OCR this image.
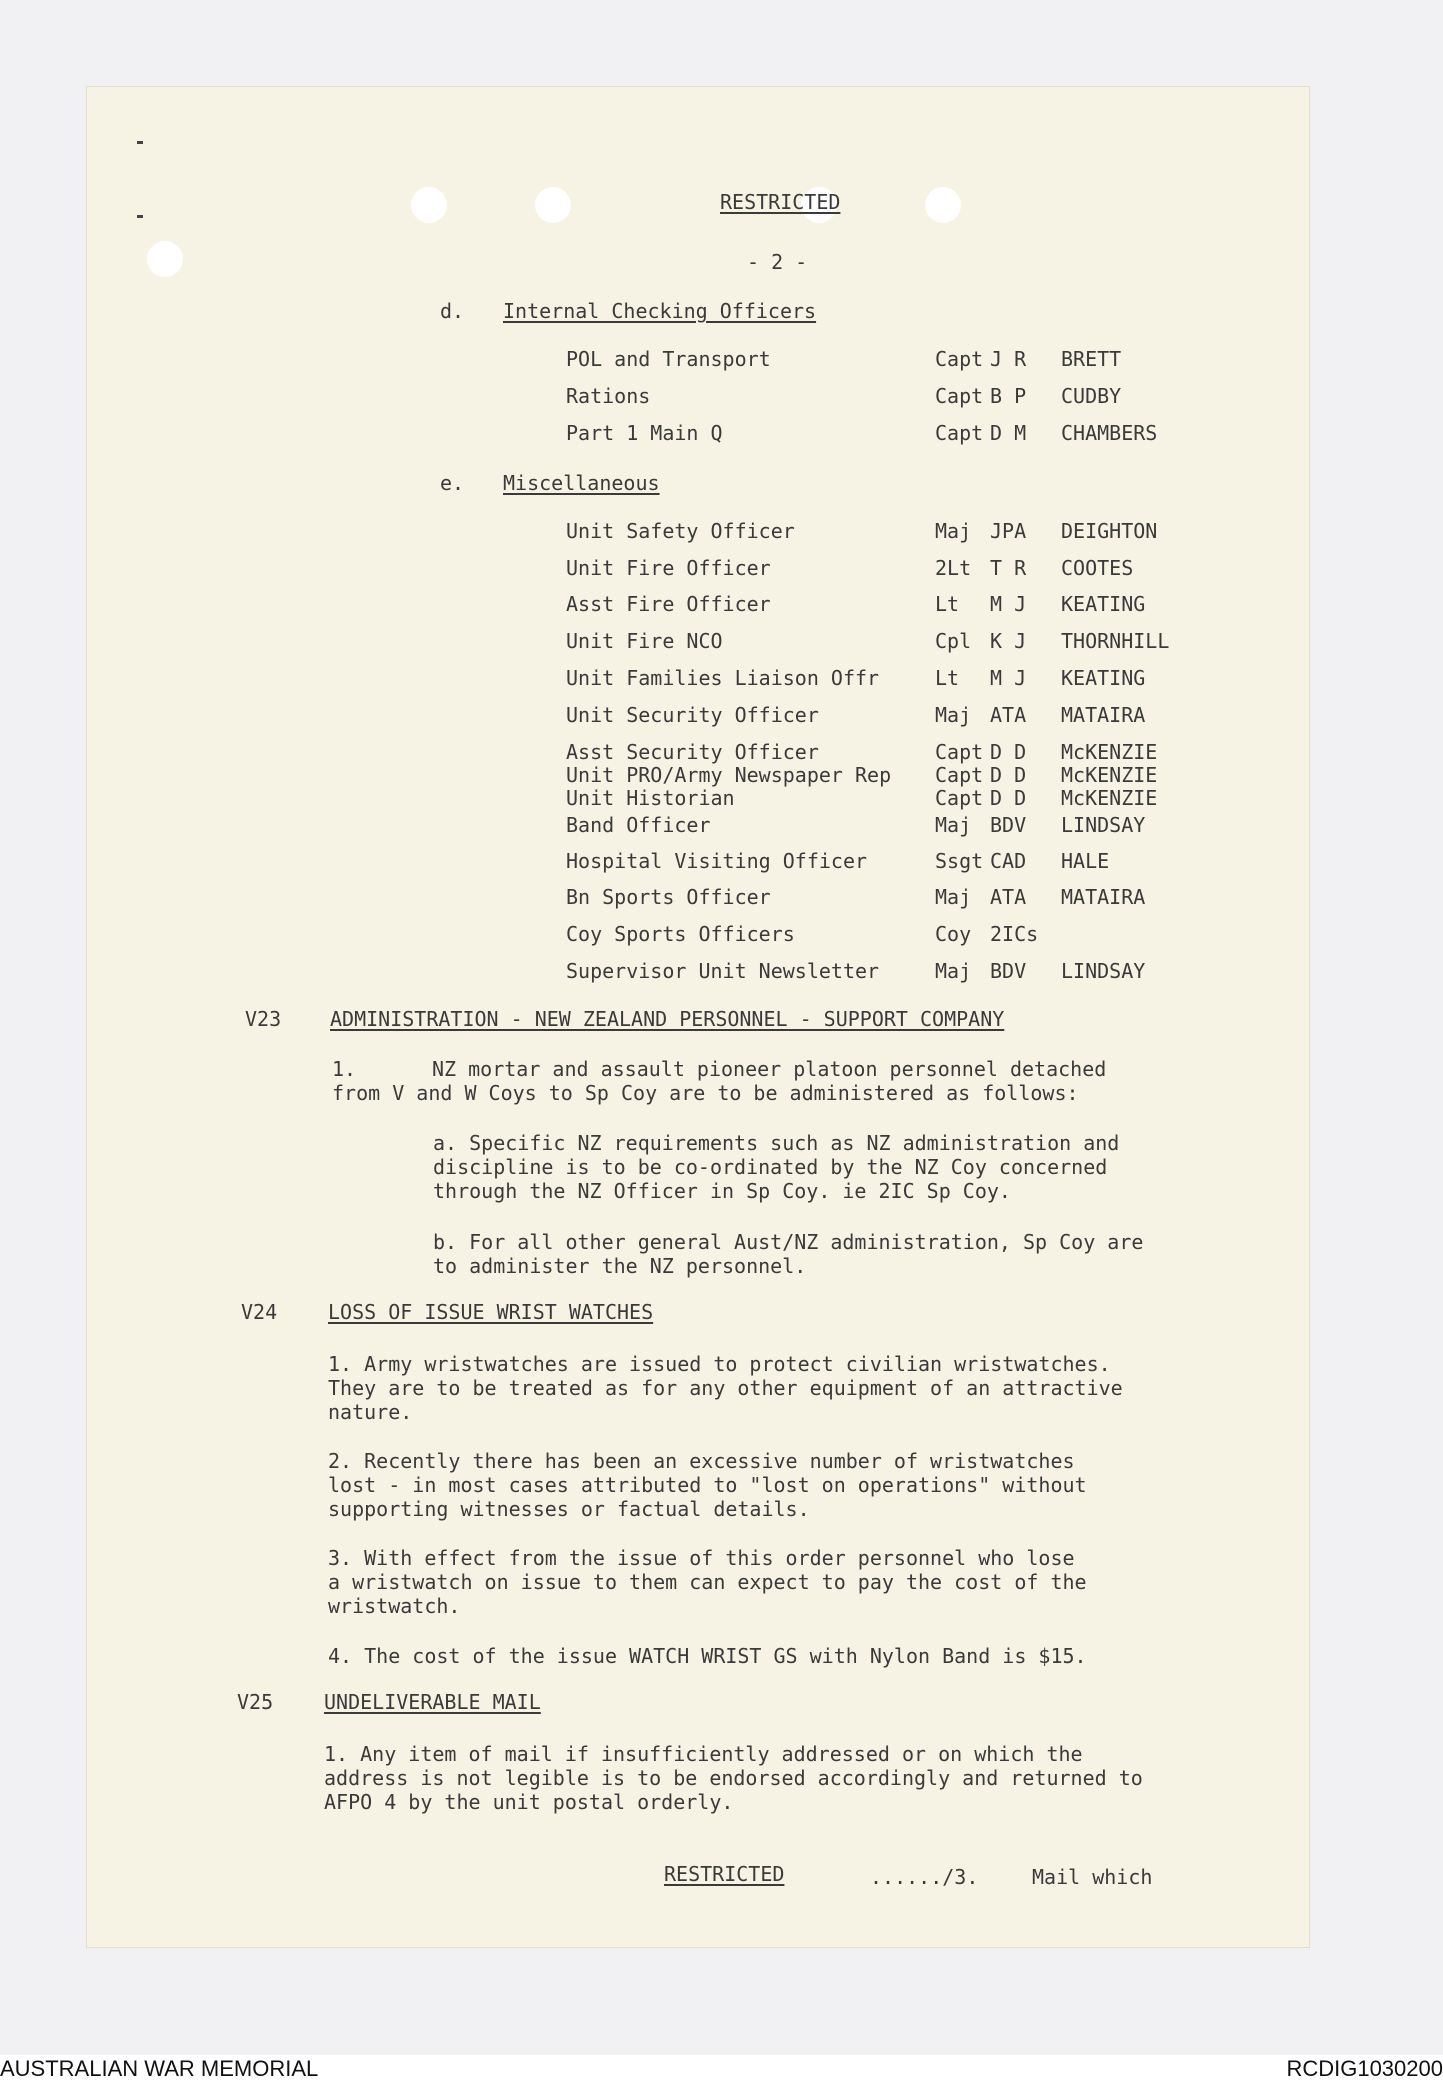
RESTRICTED
- 2 -
d. Internal Checking Officers
POL and Transport	Capt J R BRETT
Rations	Capt B P CUDBY
Part 1 Main Q	Capt D M CHAMBERS
e. Miscellaneous
Unit Safety Officer	Maj JPA DEIGHTON
Unit Fire Officer	2Lt T R COOTES
Asst Fire Officer	Lt M J KEATING
Unit Fire NCO	Cpl K J THORNHILL
Unit Families Liaison Offr	Lt M J KEATING
Unit Security Officer	Maj ATA MATAIRA
Asst Security Officer	Capt D D McKENZIE
Unit PRO/Army Newspaper Rep Capt D D McKENZIE
Unit Historian	Capt D D McKENZIE
Band Officer	Maj BDV LINDSAY
Hospital Visiting Officer	Ssgt CAD HALE
Bn Sports Officer	Maj ATA MATAIRA
Coy Sports Officers	Coy 2ICs
Supervisor Unit Newsletter	Maj BDV LINDSAY
V23 ADMINISTRATION - NEW ZEALAND PERSONNEL - SUPPORT COMPANY
1.	NZ mortar and assault pioneer platoon personnel detached
from V and W Coys to Sp Coy are to be administered as follows:
a. Specific NZ requirements such as NZ administration and
discipline is to be co-ordinated by the NZ Coy concerned
through the NZ Officer in Sp Coy. ie 2IC Sp Coy.
b. For all other general Aust/NZ administration, Sp Coy are
to administer the NZ personnel.
V24	LOSS OF ISSUE WRIST WATCHES
1. Army wristwatches are issued to protect civilian wristwatches.
They are to be treated as for any other equipment of an attractive
nature.
2. Recently there has been an excessive number of wristwatches
lost - in most cases attributed to "lost on operations" without
supporting witnesses or factual details.
3. With effect from the issue of this order personnel who lose
a wristwatch on issue to them can expect to pay the cost of the
wristwatch.
4. The cost of the issue WATCH WRIST GS with Nylon Band is $15.
V25	UNDELIVERABLE MAIL
1. Any item of mail if insufficiently addressed or on which the
address is not legible is to be endorsed accordingly and returned to
AFPO 4 by the unit postal orderly.
RESTRICTED	....../3.	Mail which
AUSTRALIAN WAR MEMORIAL	RCDIG1030200
